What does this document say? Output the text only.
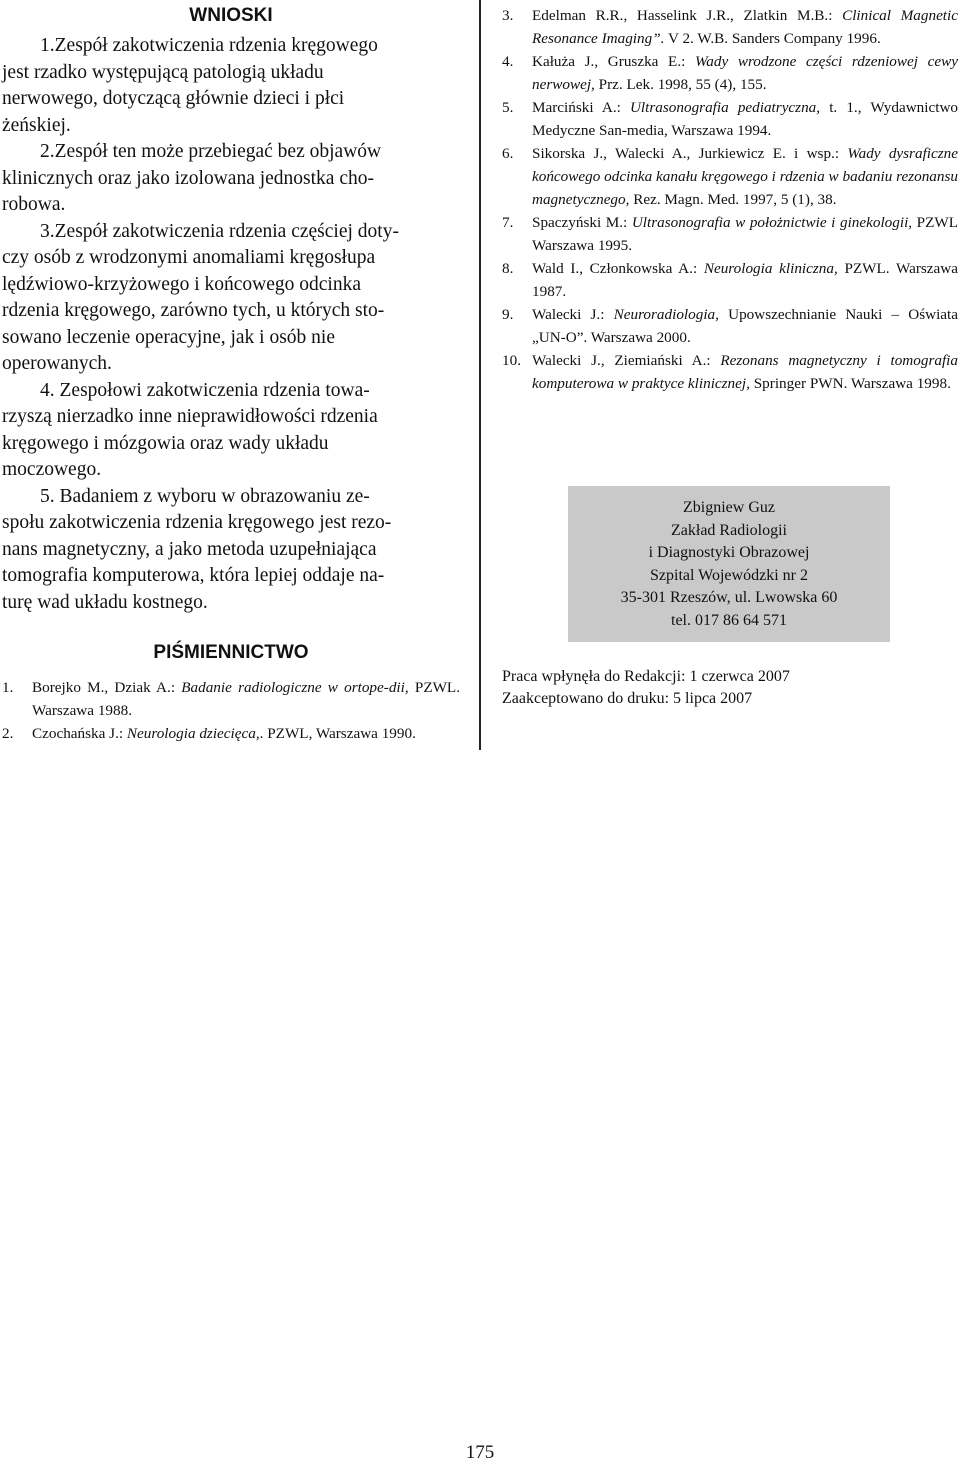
WNIOSKI
1.Zespół zakotwiczenia rdzenia kręgowego
jest rzadko występującą patologią układu
nerwowego, dotyczącą głównie dzieci i płci
żeńskiej.
2.Zespół ten może przebiegać bez objawów
klinicznych oraz jako izolowana jednostka cho-
robowa.
3.Zespół zakotwiczenia rdzenia częściej doty-
czy osób z wrodzonymi anomaliami kręgosłupa
lędźwiowo-krzyżowego i końcowego odcinka
rdzenia kręgowego, zarówno tych, u których sto-
sowano leczenie operacyjne, jak i osób nie
operowanych.
4. Zespołowi zakotwiczenia rdzenia towa-
rzyszą nierzadko inne nieprawidłowości rdzenia
kręgowego i mózgowia oraz wady układu
moczowego.
5. Badaniem z wyboru w obrazowaniu ze-
społu zakotwiczenia rdzenia kręgowego jest rezo-
nans magnetyczny, a jako metoda uzupełniająca
tomografia komputerowa, która lepiej oddaje na-
turę wad układu kostnego.
PIŚMIENNICTWO
1. Borejko M., Dziak A.: Badanie radiologiczne w ortope-dii, PZWL. Warszawa 1988.
2. Czochańska J.: Neurologia dziecięca,. PZWL, Warszawa 1990.
3. Edelman R.R., Hasselink J.R., Zlatkin M.B.: Clinical Magnetic Resonance Imaging”. V 2. W.B. Sanders Company 1996.
4. Kałuża J., Gruszka E.: Wady wrodzone części rdzeniowej cewy nerwowej, Prz. Lek. 1998, 55 (4), 155.
5. Marciński A.: Ultrasonografia pediatryczna, t. 1., Wydawnictwo Medyczne San-media, Warszawa 1994.
6. Sikorska J., Walecki A., Jurkiewicz E. i wsp.: Wady dysraficzne końcowego odcinka kanału kręgowego i rdzenia w badaniu rezonansu magnetycznego, Rez. Magn. Med. 1997, 5 (1), 38.
7. Spaczyński M.: Ultrasonografia w położnictwie i ginekologii, PZWL Warszawa 1995.
8. Wald I., Członkowska A.: Neurologia kliniczna, PZWL. Warszawa 1987.
9. Walecki J.: Neuroradiologia, Upowszechnianie Nauki – Oświata „UN-O”. Warszawa 2000.
10. Walecki J., Ziemiański A.: Rezonans magnetyczny i tomografia komputerowa w praktyce klinicznej, Springer PWN. Warszawa 1998.
Zbigniew Guz
Zakład Radiologii
i Diagnostyki Obrazowej
Szpital Wojewódzki nr 2
35-301 Rzeszów, ul. Lwowska 60
tel. 017 86 64 571
Praca wpłynęła do Redakcji: 1 czerwca 2007
Zaakceptowano do druku: 5 lipca 2007
175
